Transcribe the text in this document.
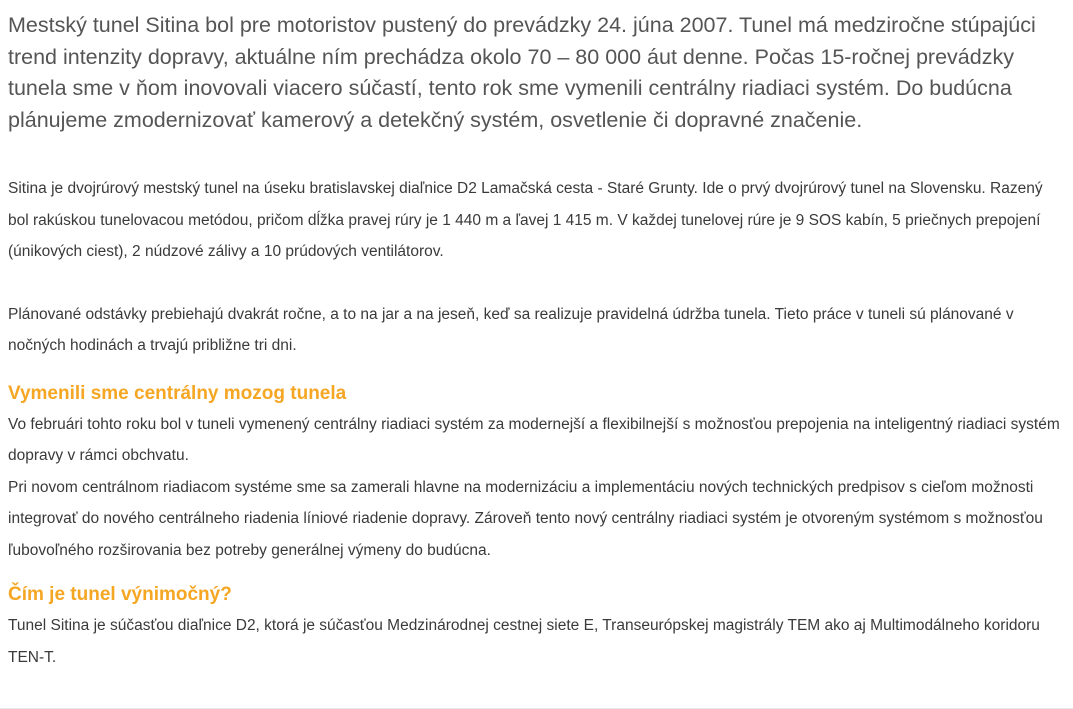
Mestský tunel Sitina bol pre motoristov pustený do prevádzky 24. júna 2007. Tunel má medziročne stúpajúci trend intenzity dopravy, aktuálne ním prechádza okolo 70 – 80 000 áut denne. Počas 15-ročnej prevádzky tunela sme v ňom inovovali viacero súčastí, tento rok sme vymenili centrálny riadiaci systém. Do budúcna plánujeme zmodernizovať kamerový a detekčný systém, osvetlenie či dopravné značenie.

Sitina je dvojrúrový mestský tunel na úseku bratislavskej diaľnice D2 Lamačská cesta - Staré Grunty. Ide o prvý dvojrúrový tunel na Slovensku. Razený bol rakúskou tunelovacou metódou, pričom dĺžka pravej rúry je 1 440 m a ľavej 1 415 m. V každej tunelovej rúre je 9 SOS kabín, 5 priečnych prepojení (únikových ciest), 2 núdzové zálivy a 10 prúdových ventilátorov.

Plánované odstávky prebiehajú dvakrát ročne, a to na jar a na jeseň, keď sa realizuje pravidelná údržba tunela. Tieto práce v tuneli sú plánované v nočných hodinách a trvajú približne tri dni.

Vymenili sme centrálny mozog tunela

Vo februári tohto roku bol v tuneli vymenený centrálny riadiaci systém za modernejší a flexibilnejší s možnosťou prepojenia na inteligentný riadiaci systém dopravy v rámci obchvatu.

Pri novom centrálnom riadiacom systéme sme sa zamerali hlavne na modernizáciu a implementáciu nových technických predpisov s cieľom možnosti integrovať do nového centrálneho riadenia líniové riadenie dopravy. Zároveň tento nový centrálny riadiaci systém je otvoreným systémom s možnosťou ľubovoľného rozširovania bez potreby generálnej výmeny do budúcna.

Čím je tunel výnimočný?

Tunel Sitina je súčasťou diaľnice D2, ktorá je súčasťou Medzinárodnej cestnej siete E, Transeurópskej magistrály TEM ako aj Multimodálneho koridoru TEN-T.
